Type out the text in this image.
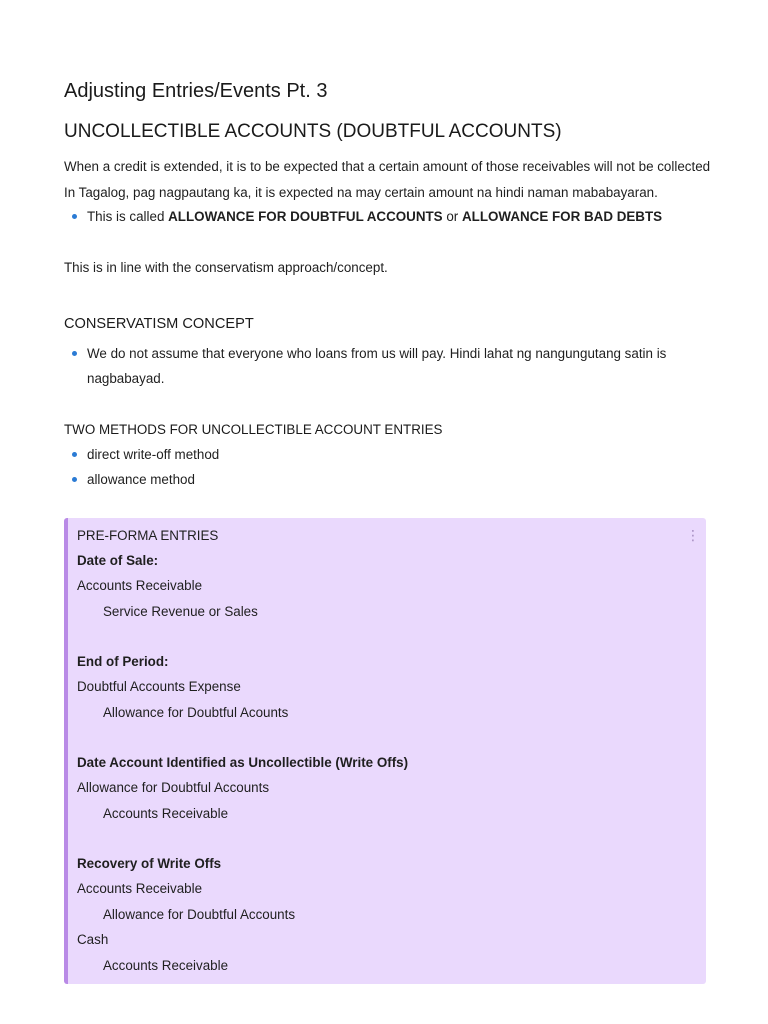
Adjusting Entries/Events Pt. 3
UNCOLLECTIBLE ACCOUNTS (DOUBTFUL ACCOUNTS)

When a credit is extended, it is to be expected that a certain amount of those receivables will not be collected

In Tagalog, pag nagpautang ka, it is expected na may certain amount na hindi naman mababayaran.

This is called ALLOWANCE FOR DOUBTFUL ACCOUNTS or ALLOWANCE FOR BAD DEBTS

This is in line with the conservatism approach/concept.

CONSERVATISM CONCEPT
We do not assume that everyone who loans from us will pay. Hindi lahat ng nangungutang satin is
nagbabayad.
TWO METHODS FOR UNCOLLECTIBLE ACCOUNT ENTRIES
direct write-off method
allowance method
⋮
PRE-FORMA ENTRIES
Date of Sale:
Accounts Receivable
Service Revenue or Sales
End of Period:
Doubtful Accounts Expense
Allowance for Doubtful Acounts
Date Account Identified as Uncollectible (Write Offs)
Allowance for Doubtful Accounts
Accounts Receivable
Recovery of Write Offs
Accounts Receivable
Allowance for Doubtful Accounts
Cash
Accounts Receivable
